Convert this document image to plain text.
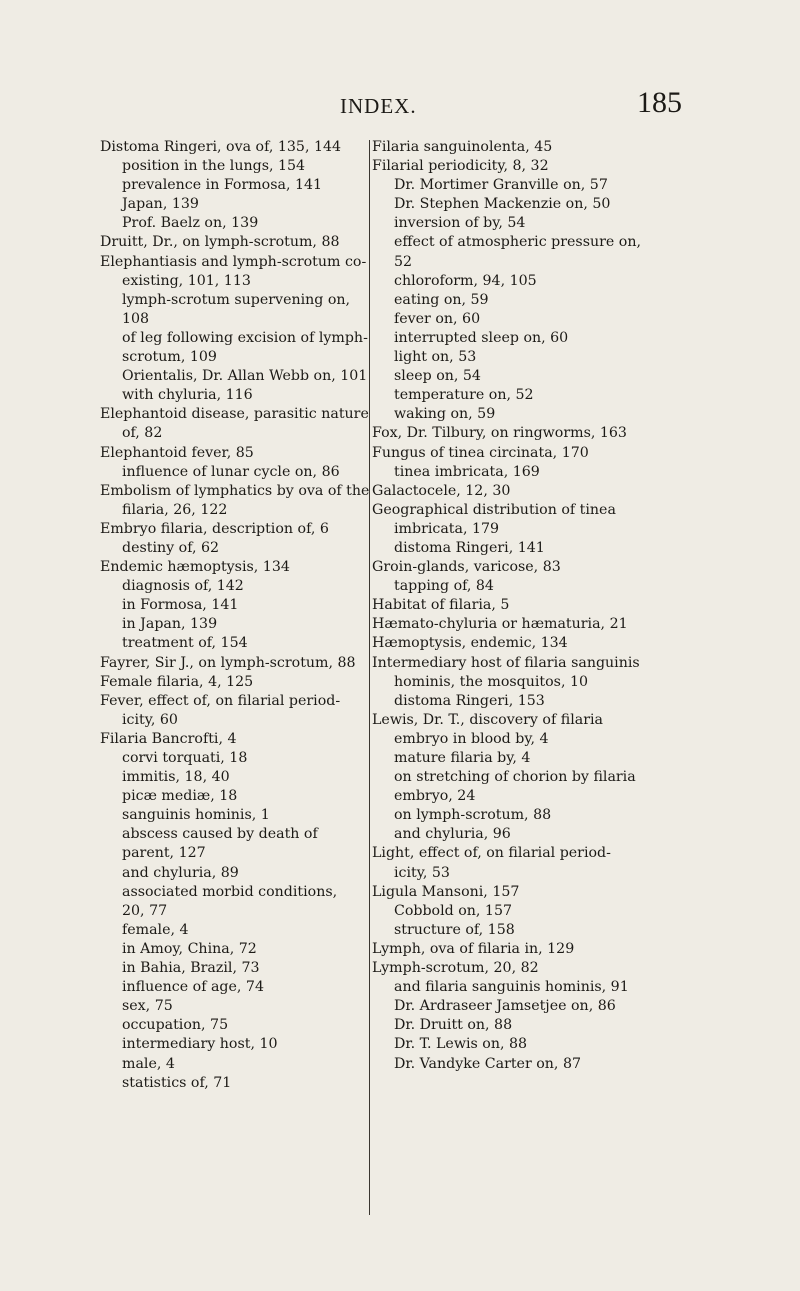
INDEX.	185

Distoma Ringeri, ova of, 135, 144

position in the lungs, 154

prevalence in Formosa, 141

Japan, 139

Prof. Baelz on, 139

Druitt, Dr., on lymph-scrotum, 88

Elephantiasis and lymph-scrotum co-

existing, 101, 113

lymph-scrotum supervening on,

108

of leg following excision of lymph-

scrotum, 109

Orientalis, Dr. Allan Webb on, 101

with chyluria, 116

Elephantoid disease, parasitic nature

of, 82

Elephantoid fever, 85

influence of lunar cycle on, 86

Embolism of lymphatics by ova of the

filaria, 26, 122

Embryo filaria, description of, 6

destiny of, 62

Endemic hæmoptysis, 134

diagnosis of, 142

in Formosa, 141

in Japan, 139

treatment of, 154

Fayrer, Sir J., on lymph-scrotum, 88

Female filaria, 4, 125

Fever, effect of, on filarial period-

icity, 60

Filaria Bancrofti, 4

corvi torquati, 18

immitis, 18, 40

picæ mediæ, 18

sanguinis hominis, 1

abscess caused by death of

parent, 127

and chyluria, 89

associated morbid conditions,

20, 77

female, 4

in Amoy, China, 72

in Bahia, Brazil, 73

influence of age, 74

sex, 75

occupation, 75

intermediary host, 10

male, 4

statistics of, 71

Filaria sanguinolenta, 45

Filarial periodicity, 8, 32

Dr. Mortimer Granville on, 57

Dr. Stephen Mackenzie on, 50

inversion of by, 54

effect of atmospheric pressure on,

52

chloroform, 94, 105

eating on, 59

fever on, 60

interrupted sleep on, 60

light on, 53

sleep on, 54

temperature on, 52

waking on, 59

Fox, Dr. Tilbury, on ringworms, 163

Fungus of tinea circinata, 170

tinea imbricata, 169

Galactocele, 12, 30

Geographical distribution of tinea

imbricata, 179

distoma Ringeri, 141

Groin-glands, varicose, 83

tapping of, 84

Habitat of filaria, 5

Hæmato-chyluria or hæmaturia, 21

Hæmoptysis, endemic, 134

Intermediary host of filaria sanguinis

hominis, the mosquitos, 10

distoma Ringeri, 153

Lewis, Dr. T., discovery of filaria

embryo in blood by, 4

mature filaria by, 4

on stretching of chorion by filaria

embryo, 24

on lymph-scrotum, 88

and chyluria, 96

Light, effect of, on filarial period-

icity, 53

Ligula Mansoni, 157

Cobbold on, 157

structure of, 158

Lymph, ova of filaria in, 129

Lymph-scrotum, 20, 82

and filaria sanguinis hominis, 91

Dr. Ardraseer Jamsetjee on, 86

Dr. Druitt on, 88

Dr. T. Lewis on, 88

Dr. Vandyke Carter on, 87
